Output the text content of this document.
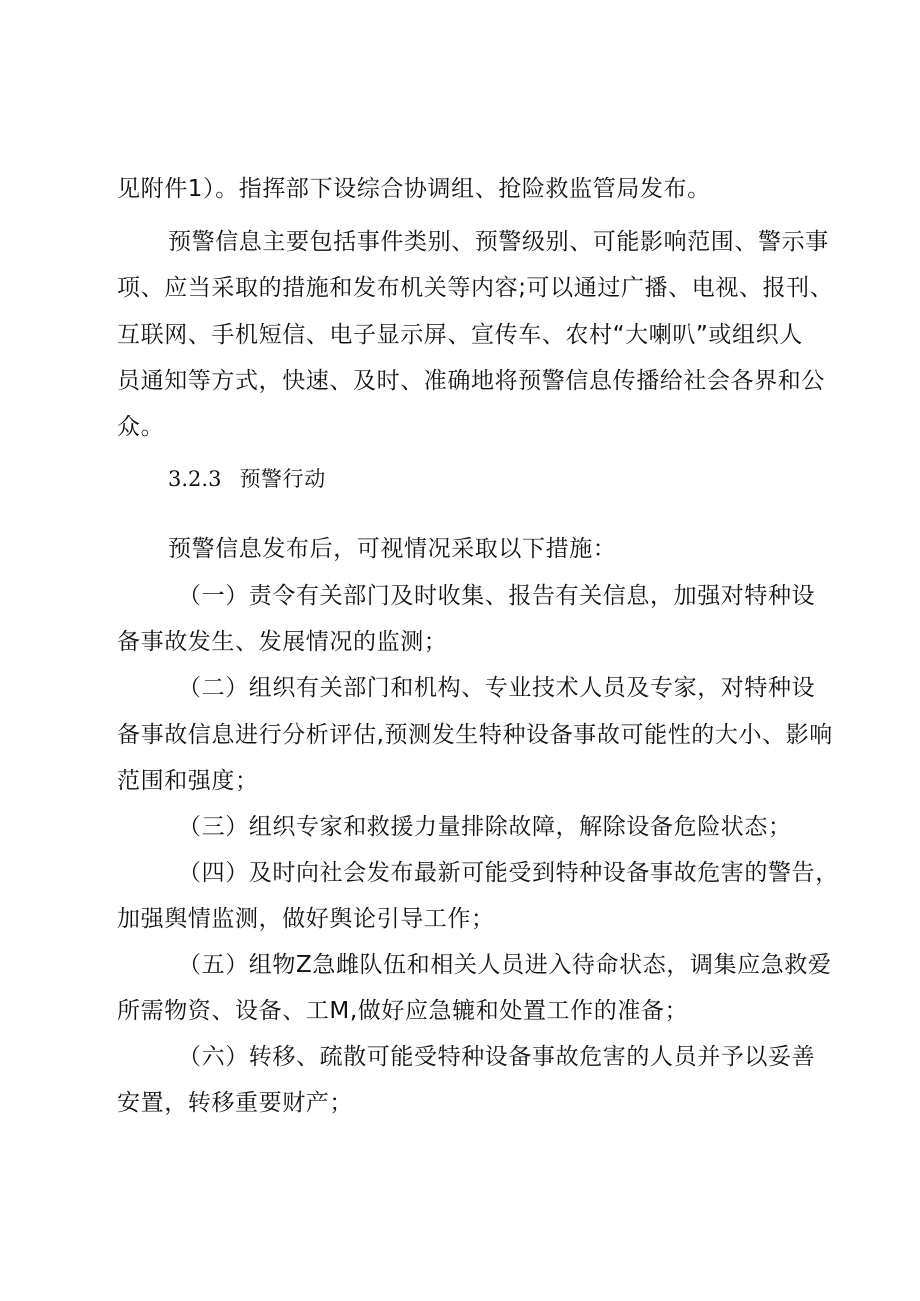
见附件1）。指挥部下设综合协调组、抢险救监管局发布。
预警信息主要包括事件类别、预警级别、可能影响范围、警示事
项、应当采取的措施和发布机关等内容;可以通过广播、电视、报刊、
互联网、手机短信、电子显示屏、宣传车、农村“大喇叭”或组织人
员通知等方式，快速、及时、准确地将预警信息传播给社会各界和公
众。
3.2.3 预警行动
预警信息发布后，可视情况采取以下措施：
（一）责令有关部门及时收集、报告有关信息，加强对特种设
备事故发生、发展情况的监测；
（二）组织有关部门和机构、专业技术人员及专家，对特种设
备事故信息进行分析评估,预测发生特种设备事故可能性的大小、影响
范围和强度；
（三）组织专家和救援力量排除故障，解除设备危险状态；
（四）及时向社会发布最新可能受到特种设备事故危害的警告，
加强舆情监测，做好舆论引导工作；
（五）组物Z急雌队伍和相关人员进入待命状态，调集应急救爱
所需物资、设备、工M,做好应急辘和处置工作的准备；
（六）转移、疏散可能受特种设备事故危害的人员并予以妥善
安置，转移重要财产；
